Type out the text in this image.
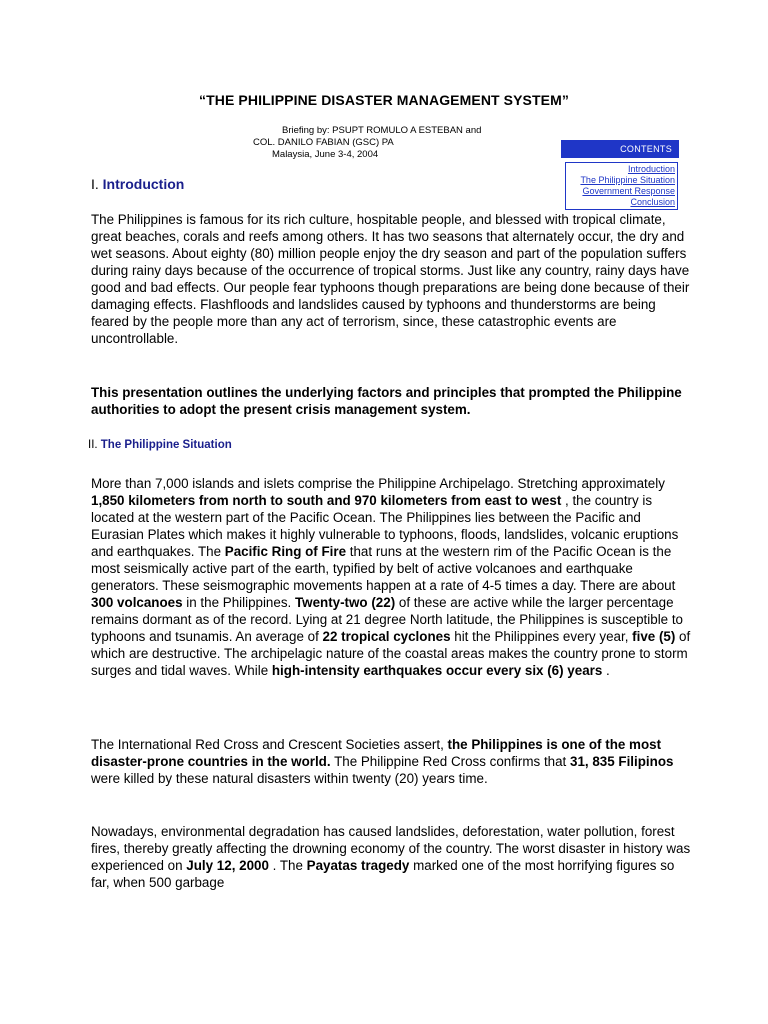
“THE PHILIPPINE DISASTER MANAGEMENT SYSTEM”
Briefing by: PSUPT ROMULO A ESTEBAN and
COL. DANILO FABIAN (GSC) PA
Malaysia, June 3-4, 2004	CONTENTS
Introduction
The Philippine Situation
Government Response
Conclusion
I. Introduction

The Philippines is famous for its rich culture, hospitable people, and blessed with tropical climate, great beaches, corals and reefs among others. It has two seasons that alternately occur, the dry and wet seasons. About eighty (80) million people enjoy the dry season and part of the population suffers during rainy days because of the occurrence of tropical storms. Just like any country, rainy days have good and bad effects. Our people fear typhoons though preparations are being done because of their damaging effects. Flashfloods and landslides caused by typhoons and thunderstorms are being feared by the people more than any act of terrorism, since, these catastrophic events are uncontrollable.

This presentation outlines the underlying factors and principles that prompted the Philippine authorities to adopt the present crisis management system.

II. The Philippine Situation

More than 7,000 islands and islets comprise the Philippine Archipelago. Stretching approximately 1,850 kilometers from north to south and 970 kilometers from east to west , the country is located at the western part of the Pacific Ocean. The Philippines lies between the Pacific and Eurasian Plates which makes it highly vulnerable to typhoons, floods, landslides, volcanic eruptions and earthquakes. The Pacific Ring of Fire that runs at the western rim of the Pacific Ocean is the most seismically active part of the earth, typified by belt of active volcanoes and earthquake generators. These seismographic movements happen at a rate of 4-5 times a day. There are about 300 volcanoes in the Philippines. Twenty-two (22) of these are active while the larger percentage remains dormant as of the record. Lying at 21 degree North latitude, the Philippines is susceptible to typhoons and tsunamis. An average of 22 tropical cyclones hit the Philippines every year, five (5) of which are destructive. The archipelagic nature of the coastal areas makes the country prone to storm surges and tidal waves. While high-intensity earthquakes occur every six (6) years .

The International Red Cross and Crescent Societies assert, the Philippines is one of the most disaster-prone countries in the world. The Philippine Red Cross confirms that 31, 835 Filipinos were killed by these natural disasters within twenty (20) years time.

Nowadays, environmental degradation has caused landslides, deforestation, water pollution, forest fires, thereby greatly affecting the drowning economy of the country. The worst disaster in history was experienced on July 12, 2000 . The Payatas tragedy marked one of the most horrifying figures so far, when 500 garbage
